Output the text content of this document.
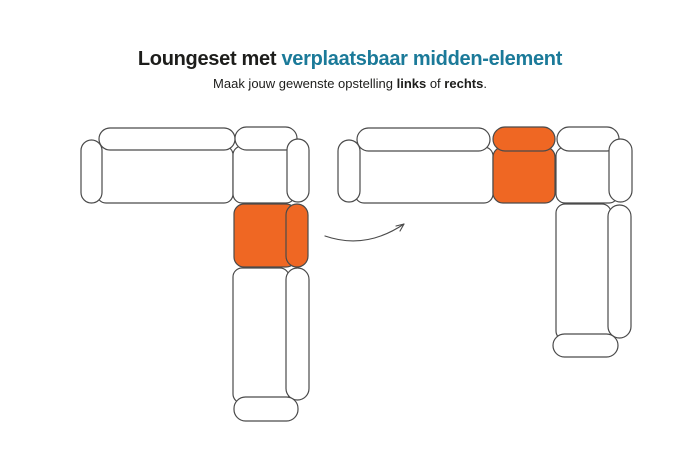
Loungeset met verplaatsbaar midden-element

Maak jouw gewenste opstelling links of rechts.
